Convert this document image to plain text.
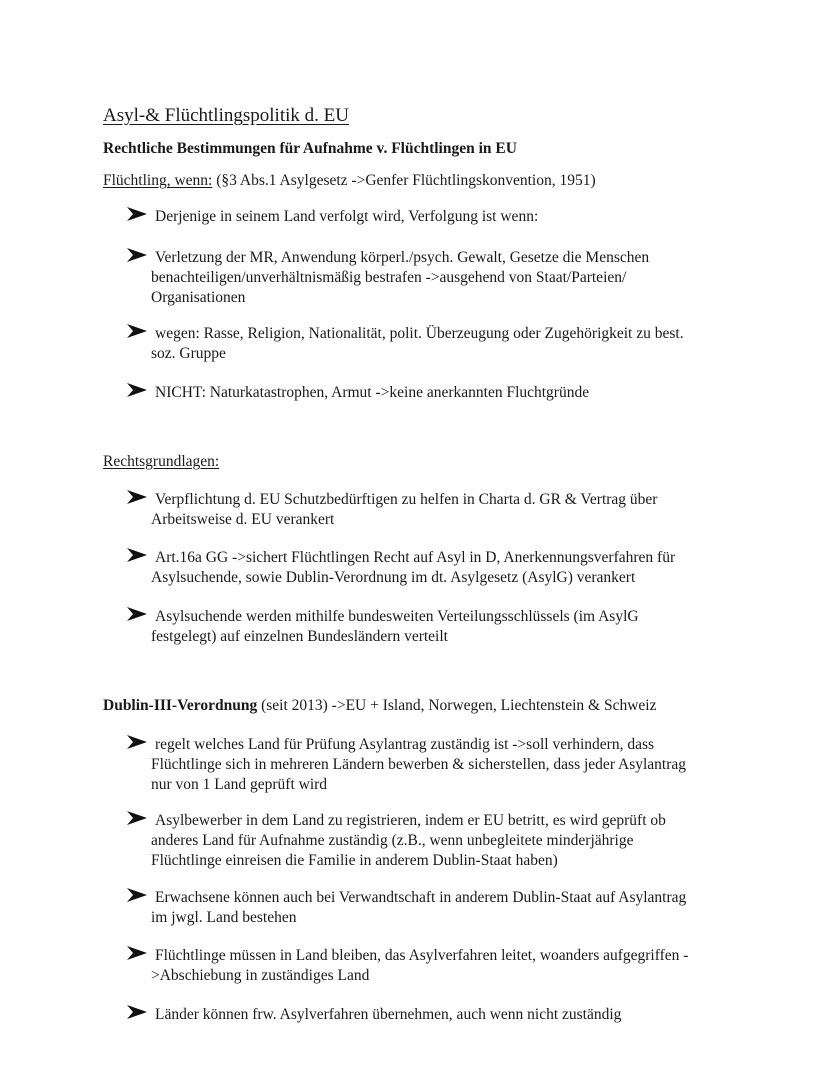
Asyl-& Flüchtlingspolitik d. EU
Rechtliche Bestimmungen für Aufnahme v. Flüchtlingen in EU
Flüchtling, wenn: (§3 Abs.1 Asylgesetz ->Genfer Flüchtlingskonvention, 1951)
Derjenige in seinem Land verfolgt wird, Verfolgung ist wenn:
Verletzung der MR, Anwendung körperl./psych. Gewalt, Gesetze die Menschen
benachteiligen/unverhältnismäßig bestrafen ->ausgehend von Staat/Parteien/
Organisationen
wegen: Rasse, Religion, Nationalität, polit. Überzeugung oder Zugehörigkeit zu best.
soz. Gruppe
NICHT: Naturkatastrophen, Armut ->keine anerkannten Fluchtgründe
Rechtsgrundlagen:
Verpflichtung d. EU Schutzbedürftigen zu helfen in Charta d. GR & Vertrag über
Arbeitsweise d. EU verankert
Art.16a GG ->sichert Flüchtlingen Recht auf Asyl in D, Anerkennungsverfahren für
Asylsuchende, sowie Dublin-Verordnung im dt. Asylgesetz (AsylG) verankert
Asylsuchende werden mithilfe bundesweiten Verteilungsschlüssels (im AsylG
festgelegt) auf einzelnen Bundesländern verteilt
Dublin-III-Verordnung (seit 2013) ->EU + Island, Norwegen, Liechtenstein & Schweiz
regelt welches Land für Prüfung Asylantrag zuständig ist ->soll verhindern, dass
Flüchtlinge sich in mehreren Ländern bewerben & sicherstellen, dass jeder Asylantrag
nur von 1 Land geprüft wird
Asylbewerber in dem Land zu registrieren, indem er EU betritt, es wird geprüft ob
anderes Land für Aufnahme zuständig (z.B., wenn unbegleitete minderjährige
Flüchtlinge einreisen die Familie in anderem Dublin-Staat haben)
Erwachsene können auch bei Verwandtschaft in anderem Dublin-Staat auf Asylantrag
im jwgl. Land bestehen
Flüchtlinge müssen in Land bleiben, das Asylverfahren leitet, woanders aufgegriffen -
>Abschiebung in zuständiges Land
Länder können frw. Asylverfahren übernehmen, auch wenn nicht zuständig
